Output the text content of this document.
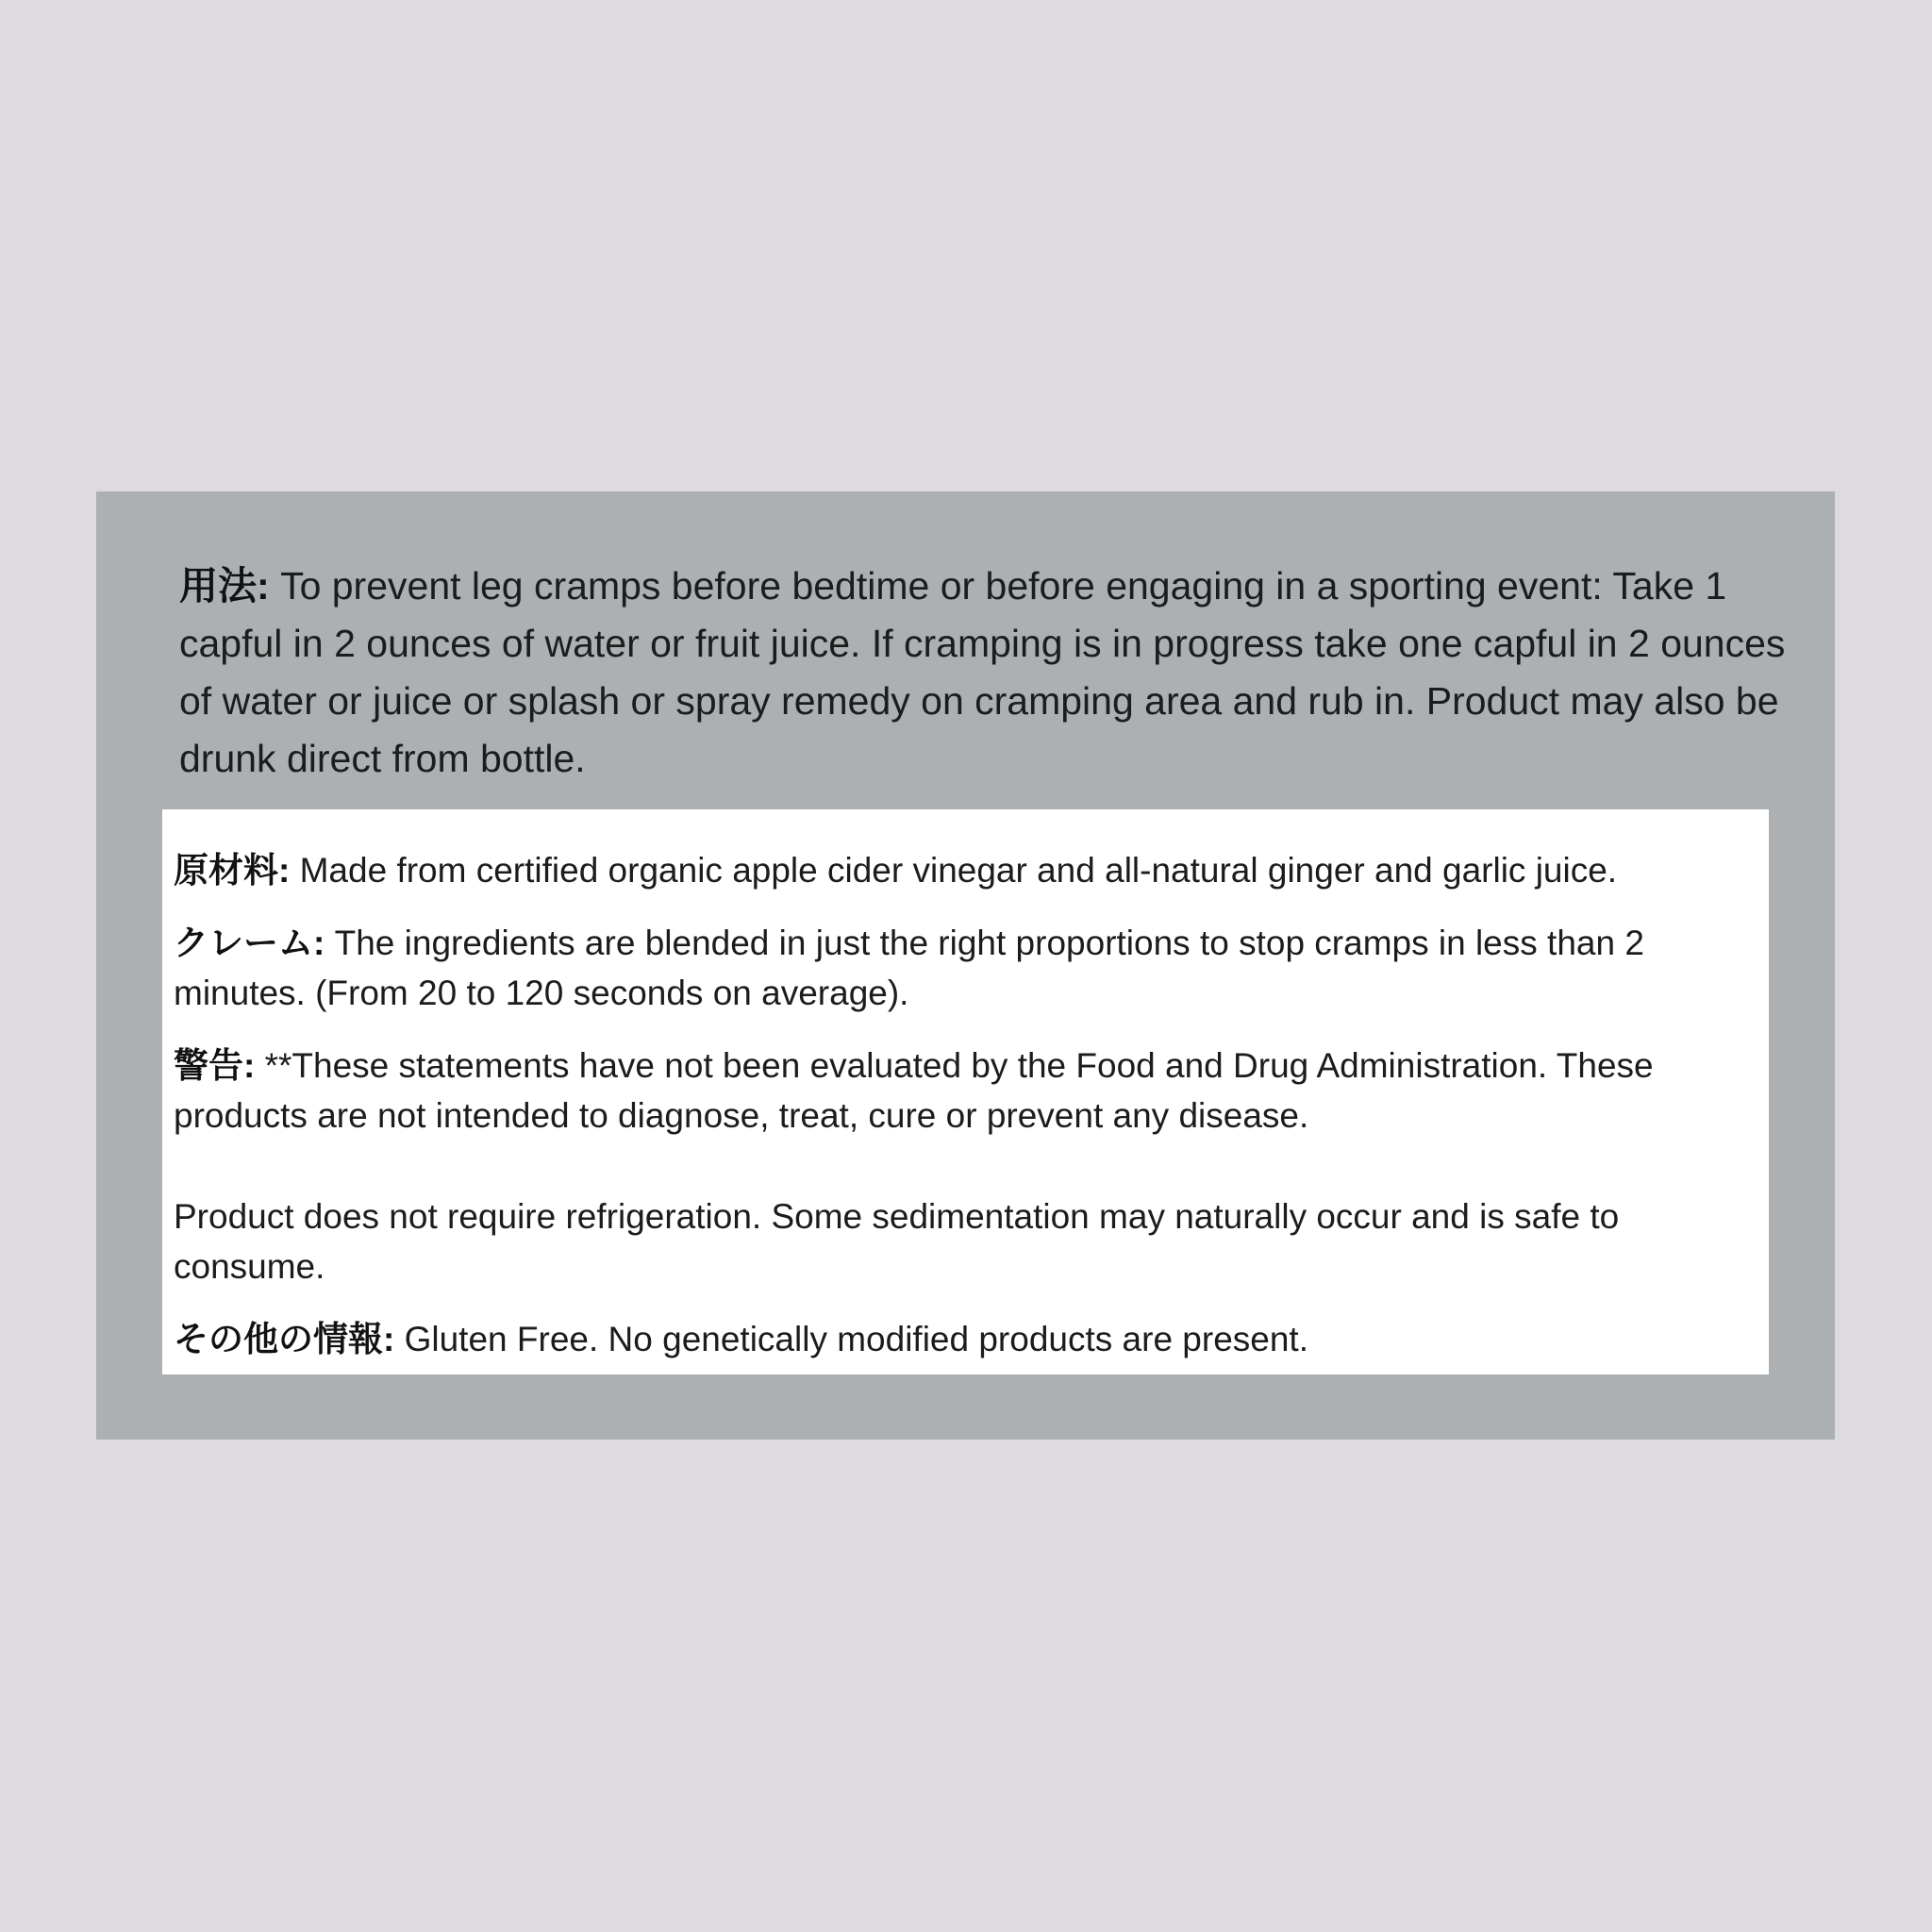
用法: To prevent leg cramps before bedtime or before engaging in a sporting event: Take 1 capful in 2 ounces of water or fruit juice. If cramping is in progress take one capful in 2 ounces of water or juice or splash or spray remedy on cramping area and rub in. Product may also be drunk direct from bottle.

原材料: Made from certified organic apple cider vinegar and all-natural ginger and garlic juice.

クレーム: The ingredients are blended in just the right proportions to stop cramps in less than 2 minutes. (From 20 to 120 seconds on average).

警告: **These statements have not been evaluated by the Food and Drug Administration. These products are not intended to diagnose, treat, cure or prevent any disease.

Product does not require refrigeration. Some sedimentation may naturally occur and is safe to consume.

その他の情報: Gluten Free. No genetically modified products are present.
